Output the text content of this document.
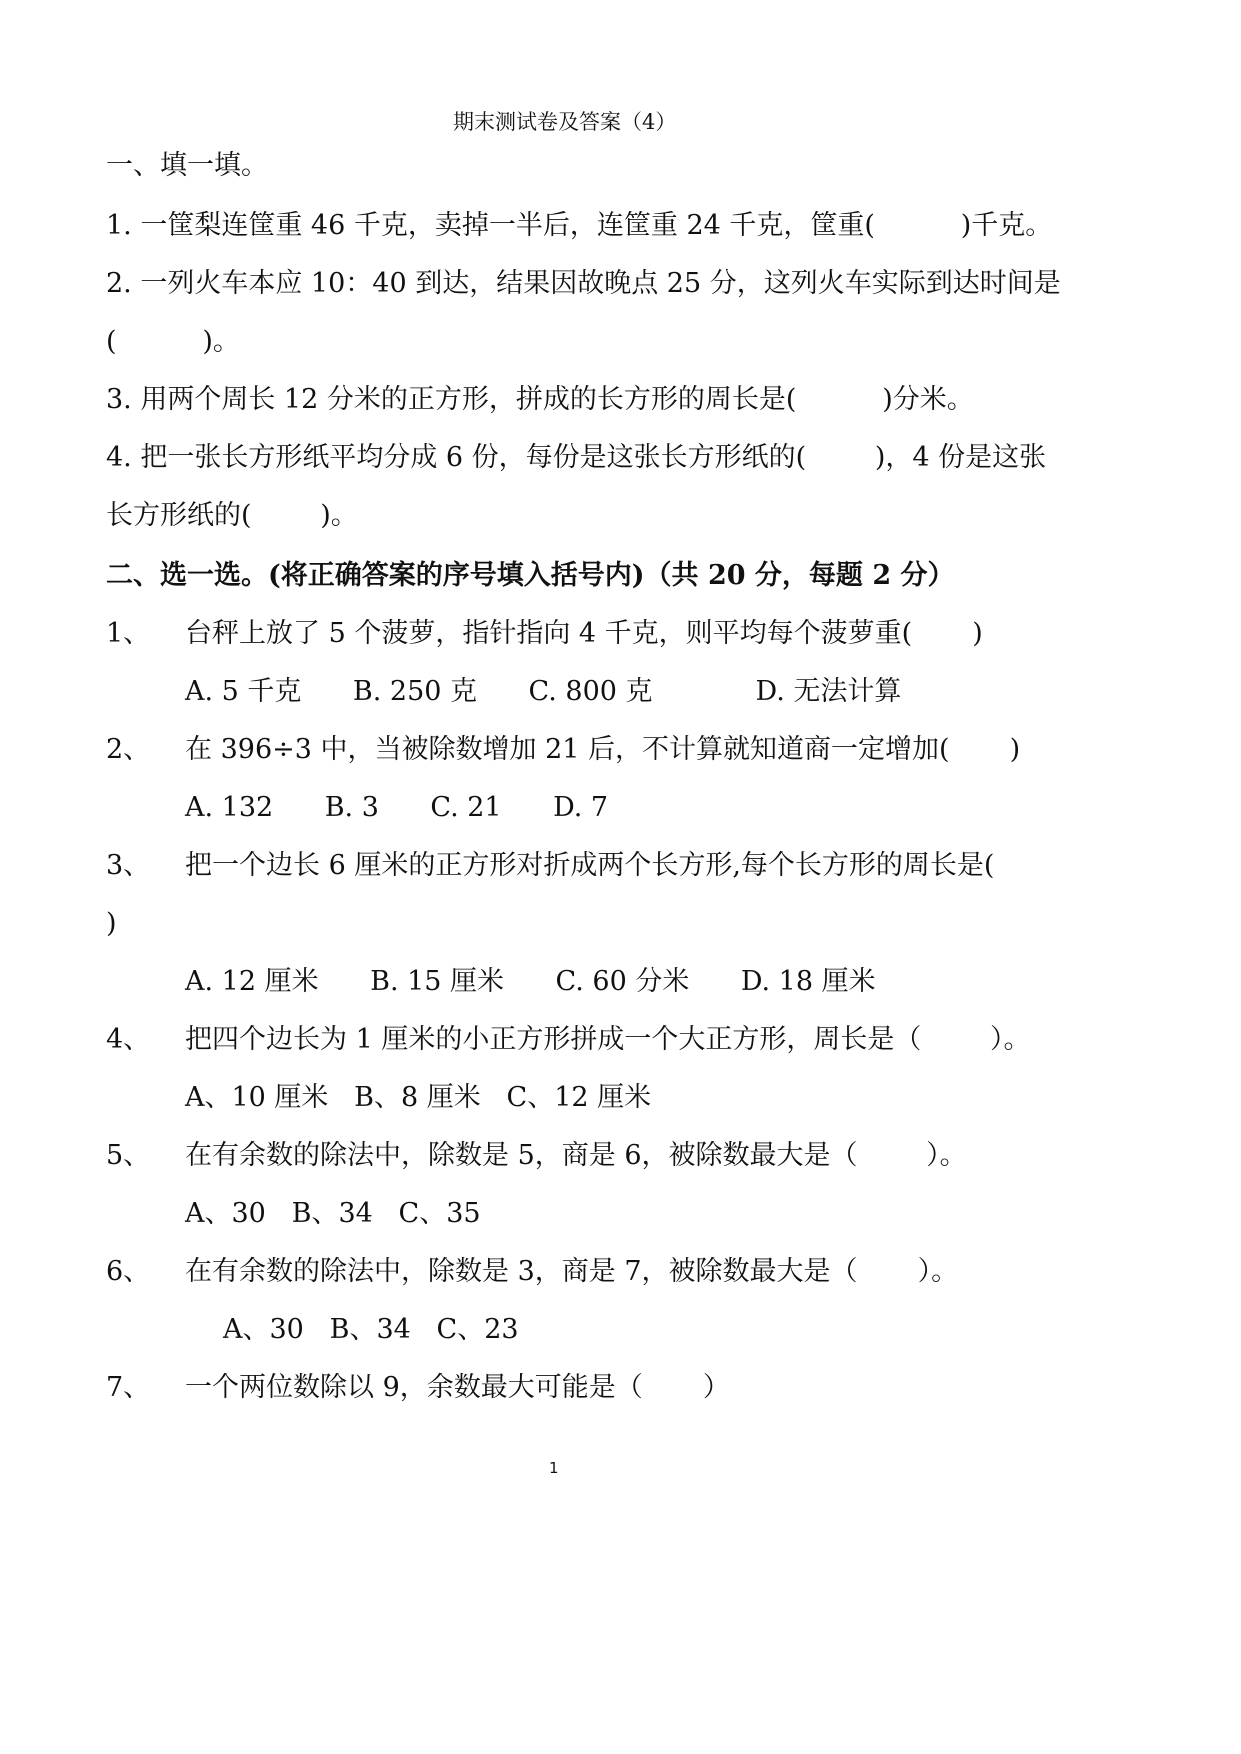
期末测试卷及答案（4）
一、填一填。
1. 一筐梨连筐重 46 千克，卖掉一半后，连筐重 24 千克，筐重(          )千克。
2. 一列火车本应 10：40 到达，结果因故晚点 25 分，这列火车实际到达时间是
(          )。
3. 用两个周长 12 分米的正方形，拼成的长方形的周长是(          )分米。
4. 把一张长方形纸平均分成 6 份，每份是这张长方形纸的(        )，4 份是这张
长方形纸的(        )。
二、选一选。(将正确答案的序号填入括号内)（共 20 分，每题 2 分）
1、 台秤上放了 5 个菠萝，指针指向 4 千克，则平均每个菠萝重(       )
A. 5 千克      B. 250 克      C. 800 克            D. 无法计算
2、 在 396÷3 中，当被除数增加 21 后，不计算就知道商一定增加(       )
A. 132      B. 3      C. 21      D. 7
3、 把一个边长 6 厘米的正方形对折成两个长方形,每个长方形的周长是(
)
A. 12 厘米      B. 15 厘米      C. 60 分米      D. 18 厘米
4、 把四个边长为 1 厘米的小正方形拼成一个大正方形，周长是（        ）。
A、10 厘米   B、8 厘米   C、12 厘米
5、 在有余数的除法中，除数是 5，商是 6，被除数最大是（        ）。
A、30   B、34   C、35
6、 在有余数的除法中，除数是 3，商是 7，被除数最大是（       ）。
A、30   B、34   C、23
7、 一个两位数除以 9，余数最大可能是（       ）
1
